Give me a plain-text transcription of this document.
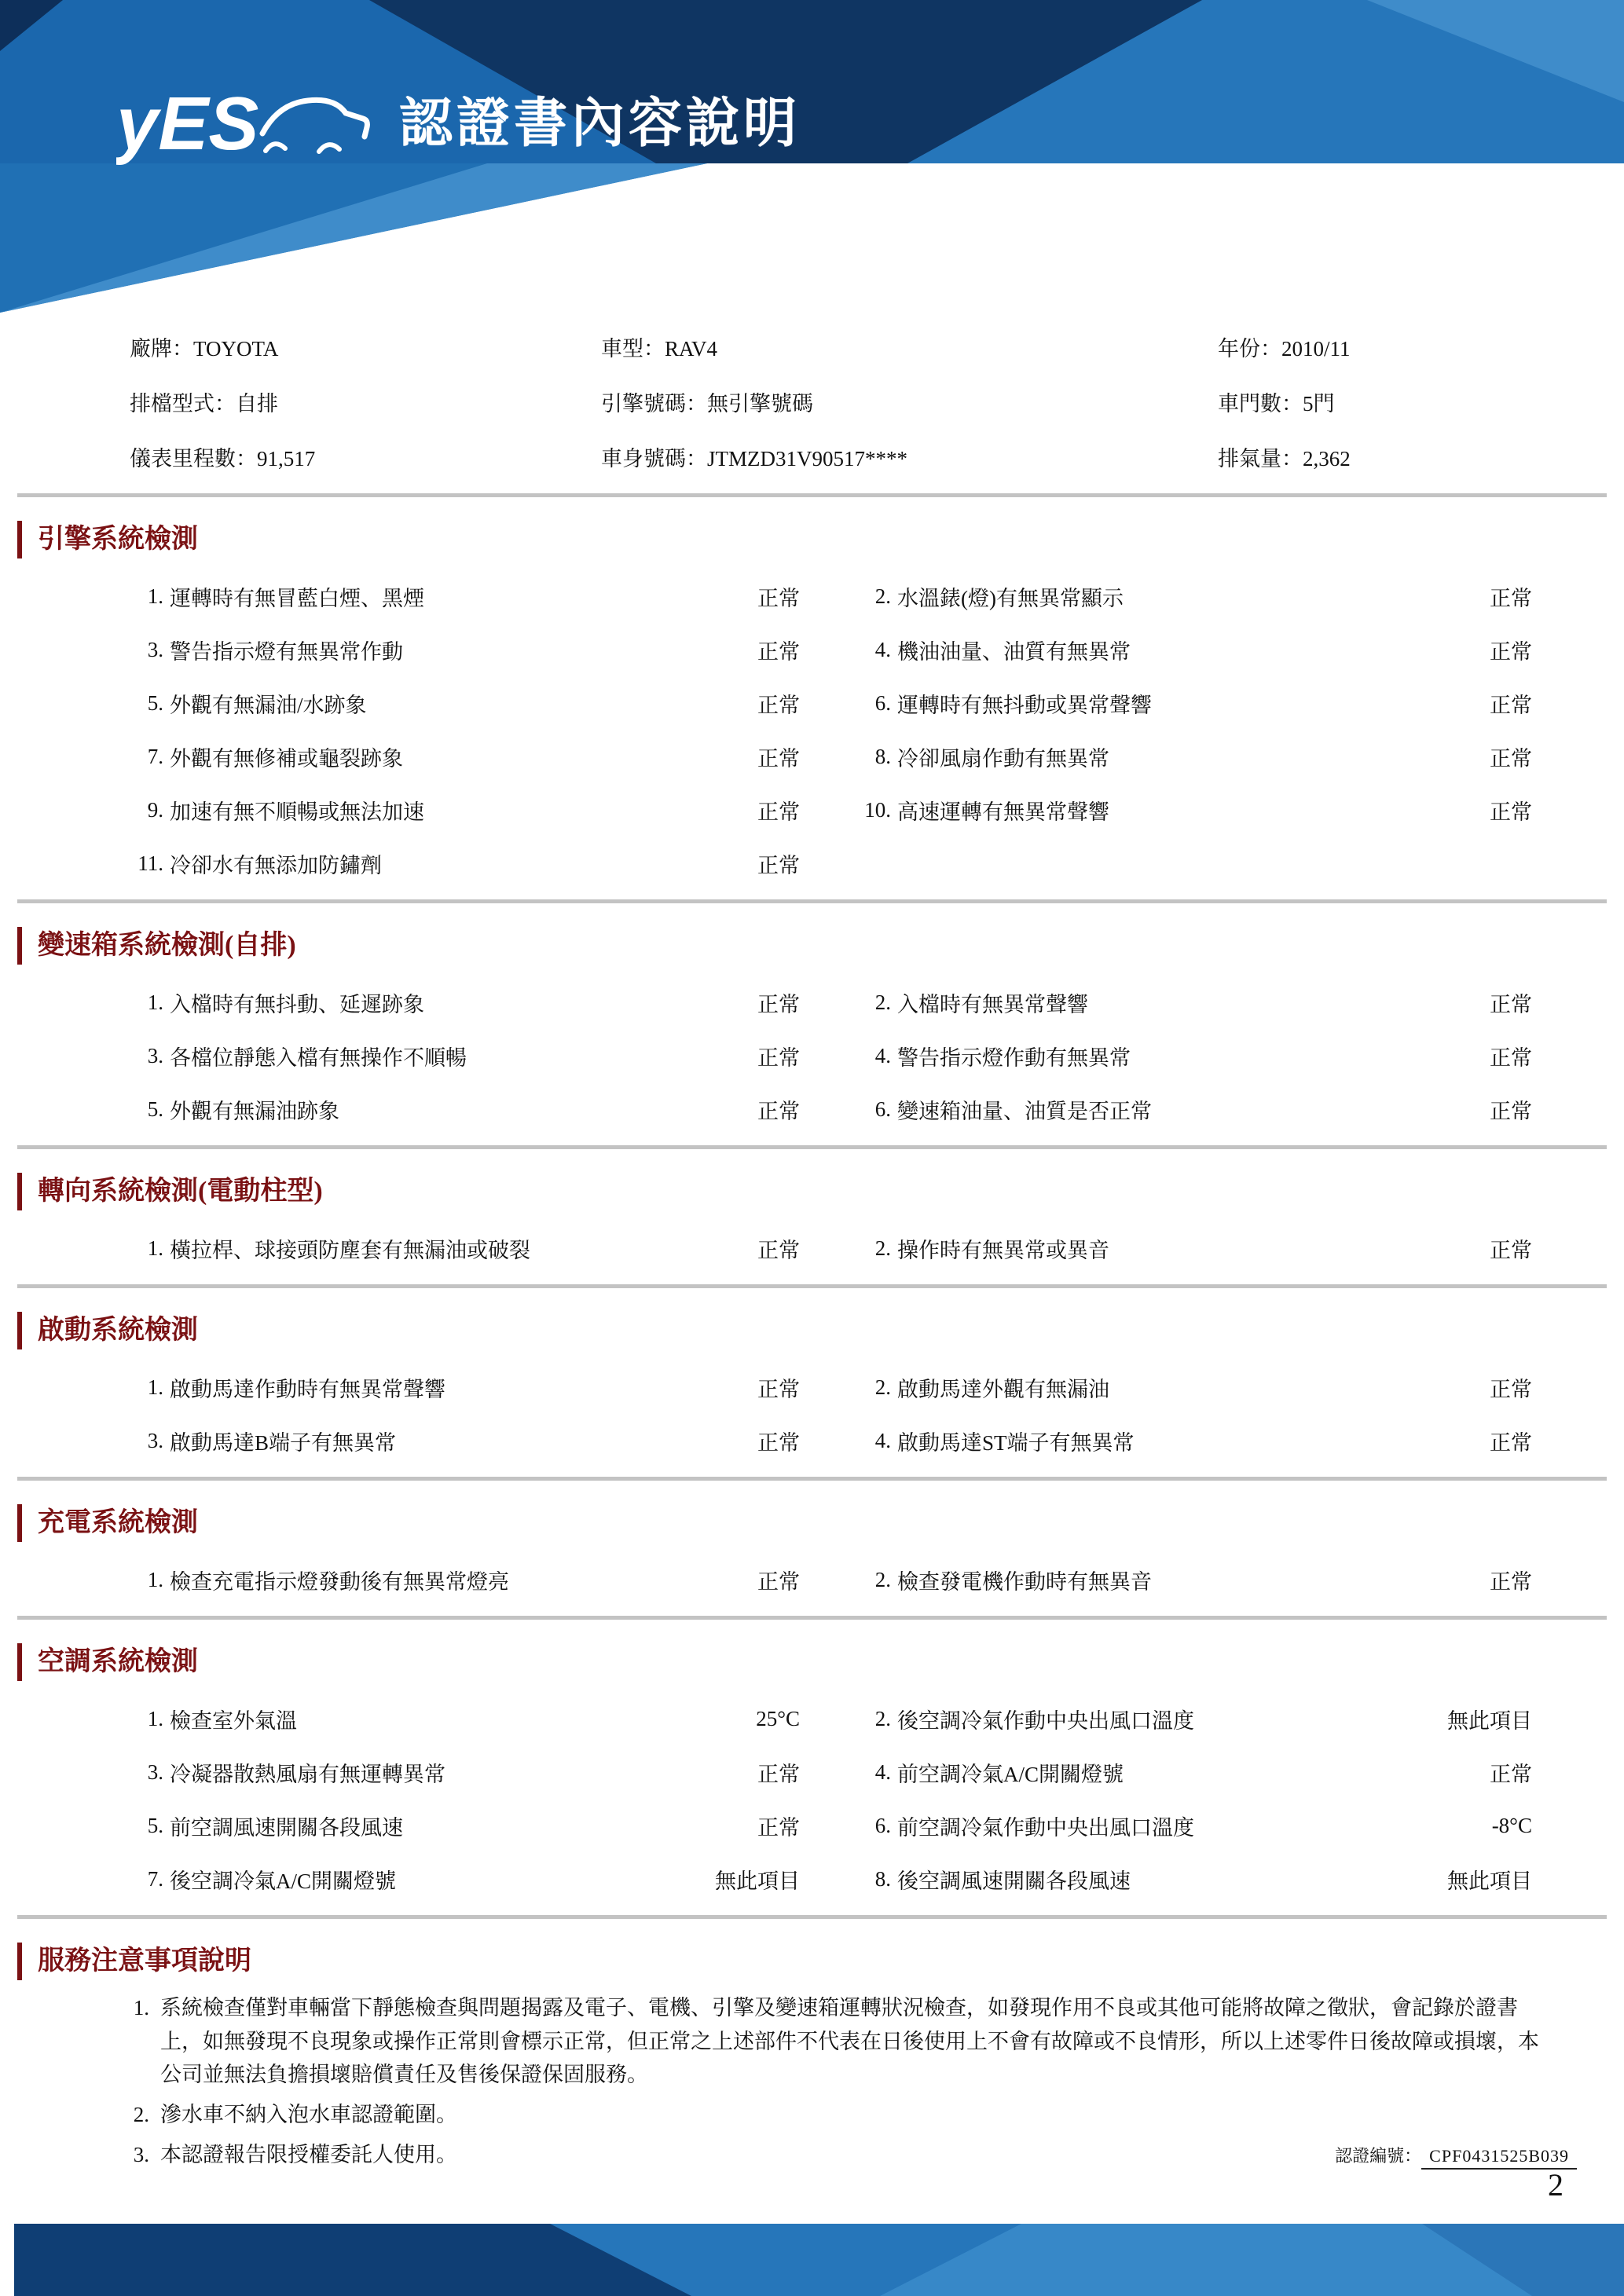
yES	認證書內容說明
廠牌：TOYOTA	車型：RAV4	年份：2010/11
排檔型式：自排	引擎號碼：無引擎號碼	車門數：5門
儀表里程數：91,517	車身號碼：JTMZD31V90517****	排氣量：2,362
引擎系統檢測
1. 運轉時有無冒藍白煙、黑煙	正常	2. 水溫錶(燈)有無異常顯示	正常
3. 警告指示燈有無異常作動	正常	4. 機油油量、油質有無異常	正常
5. 外觀有無漏油/水跡象	正常	6. 運轉時有無抖動或異常聲響	正常
7. 外觀有無修補或龜裂跡象	正常	8. 冷卻風扇作動有無異常	正常
9. 加速有無不順暢或無法加速	正常	10. 高速運轉有無異常聲響	正常
11. 冷卻水有無添加防鏽劑	正常
變速箱系統檢測(自排)
1. 入檔時有無抖動、延遲跡象	正常	2. 入檔時有無異常聲響	正常
3. 各檔位靜態入檔有無操作不順暢	正常	4. 警告指示燈作動有無異常	正常
5. 外觀有無漏油跡象	正常	6. 變速箱油量、油質是否正常	正常
轉向系統檢測(電動柱型)
1. 橫拉桿、球接頭防塵套有無漏油或破裂	正常	2. 操作時有無異常或異音	正常
啟動系統檢測
1. 啟動馬達作動時有無異常聲響	正常	2. 啟動馬達外觀有無漏油	正常
3. 啟動馬達B端子有無異常	正常	4. 啟動馬達ST端子有無異常	正常
充電系統檢測
1. 檢查充電指示燈發動後有無異常燈亮	正常	2. 檢查發電機作動時有無異音	正常
空調系統檢測
1. 檢查室外氣溫	25°C	2. 後空調冷氣作動中央出風口溫度	無此項目
3. 冷凝器散熱風扇有無運轉異常	正常	4. 前空調冷氣A/C開關燈號	正常
5. 前空調風速開關各段風速	正常	6. 前空調冷氣作動中央出風口溫度	-8°C
7. 後空調冷氣A/C開關燈號	無此項目	8. 後空調風速開關各段風速	無此項目
服務注意事項說明
1. 系統檢查僅對車輛當下靜態檢查與問題揭露及電子、電機、引擎及變速箱運轉狀況檢查，如發現作用不良或其他可能將故障之徵狀，會記錄於證書上，如無發現不良現象或操作正常則會標示正常，但正常之上述部件不代表在日後使用上不會有故障或不良情形，所以上述零件日後故障或損壞，本公司並無法負擔損壞賠償責任及售後保證保固服務。
2. 滲水車不納入泡水車認證範圍。
3. 本認證報告限授權委託人使用。	認證編號： CPF0431525B039
2
